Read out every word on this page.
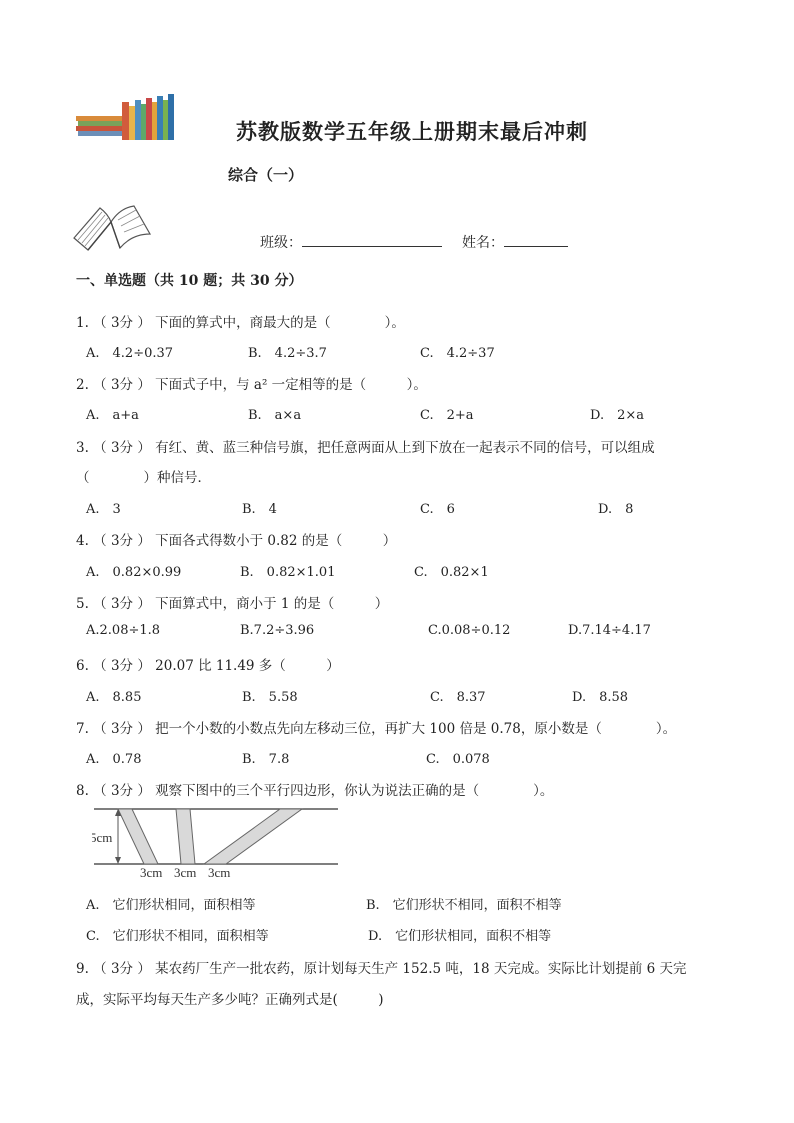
苏教版数学五年级上册期末最后冲刺
综合（一）
班级：	姓名：
一、单选题（共 10 题；共 30 分）
1. （ 3分 ） 下面的算式中，商最大的是（　　　　）。
A.　4.2÷0.37	B.　4.2÷3.7	C.　4.2÷37
2. （ 3分 ） 下面式子中，与 a² 一定相等的是（　　　）。
A.　a+a	B.　a×a	C.　2+a	D.　2×a
3. （ 3分 ） 有红、黄、蓝三种信号旗，把任意两面从上到下放在一起表示不同的信号，可以组成
（　　　　）种信号．
A.　3	B.　4	C.　6	D.　8
4. （ 3分 ） 下面各式得数小于 0.82 的是（　　　）
A.　0.82×0.99	B.　0.82×1.01	C.　0.82×1
5. （ 3分 ） 下面算式中，商小于 1 的是（　　　）
A.2.08÷1.8	B.7.2÷3.96	C.0.08÷0.12	D.7.14÷4.17
6. （ 3分 ） 20.07 比 11.49 多（　　　）
A.　8.85	B.　5.58	C.　8.37	D.　8.58
7. （ 3分 ） 把一个小数的小数点先向左移动三位，再扩大 100 倍是 0.78，原小数是（　　　　）。
A.　0.78	B.　7.8	C.　0.078
8. （ 3分 ） 观察下图中的三个平行四边形，你认为说法正确的是（　　　　）。
5cm
3cm 3cm 3cm
A.　它们形状相同，面积相等	B.　它们形状不相同，面积不相等
C.　它们形状不相同，面积相等	D.　它们形状相同，面积不相等
9. （ 3分 ） 某农药厂生产一批农药，原计划每天生产 152.5 吨，18 天完成。实际比计划提前 6 天完
成，实际平均每天生产多少吨？正确列式是(　　　)
